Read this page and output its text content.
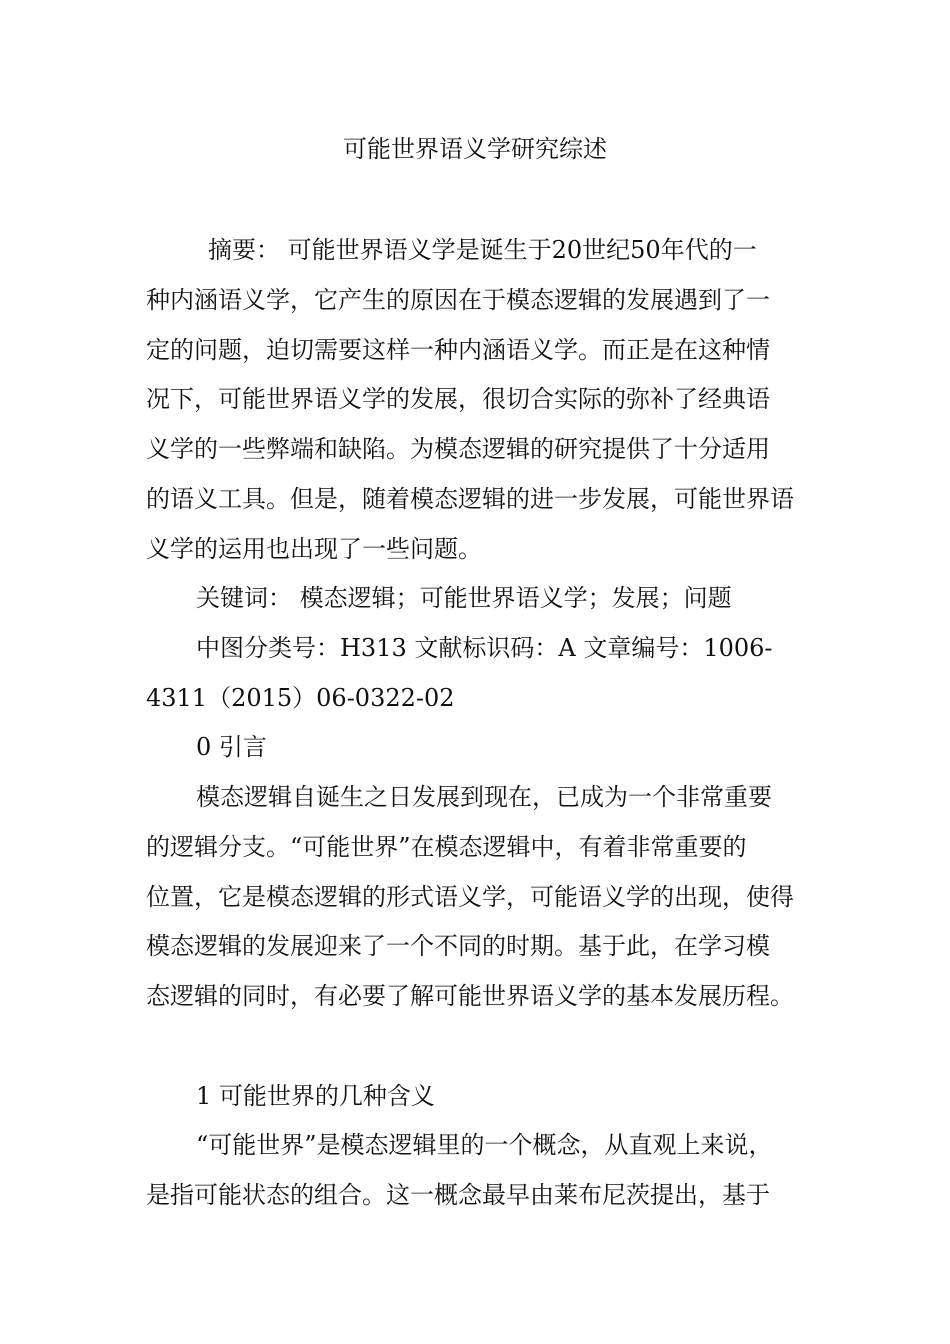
可能世界语义学研究综述
摘要： 可能世界语义学是诞生于20世纪50年代的一
种内涵语义学，它产生的原因在于模态逻辑的发展遇到了一
定的问题，迫切需要这样一种内涵语义学。而正是在这种情
况下，可能世界语义学的发展，很切合实际的弥补了经典语
义学的一些弊端和缺陷。为模态逻辑的研究提供了十分适用
的语义工具。但是，随着模态逻辑的进一步发展，可能世界语
义学的运用也出现了一些问题。
关键词： 模态逻辑；可能世界语义学；发展；问题
中图分类号：H313 文献标识码：A 文章编号：1006-
4311（2015）06-0322-02
0 引言
模态逻辑自诞生之日发展到现在，已成为一个非常重要
的逻辑分支。“可能世界”在模态逻辑中，有着非常重要的
位置，它是模态逻辑的形式语义学，可能语义学的出现，使得
模态逻辑的发展迎来了一个不同的时期。基于此，在学习模
态逻辑的同时，有必要了解可能世界语义学的基本发展历程。
1 可能世界的几种含义
“可能世界”是模态逻辑里的一个概念，从直观上来说，
是指可能状态的组合。这一概念最早由莱布尼茨提出，基于
